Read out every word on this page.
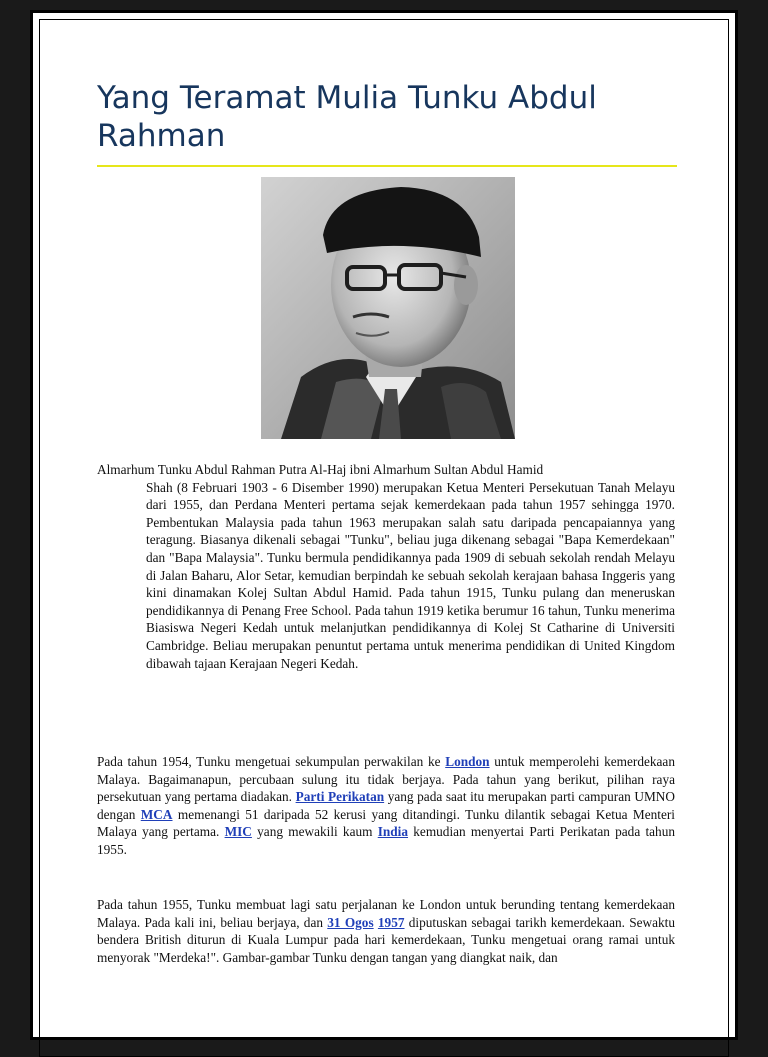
Yang Teramat Mulia Tunku Abdul Rahman

Almarhum Tunku Abdul Rahman Putra Al-Haj ibni Almarhum Sultan Abdul Hamid
Shah (8 Februari 1903 - 6 Disember 1990) merupakan Ketua Menteri Persekutuan Tanah Melayu dari 1955, dan Perdana Menteri pertama sejak kemerdekaan pada tahun 1957 sehingga 1970. Pembentukan Malaysia pada tahun 1963 merupakan salah satu daripada pencapaiannya yang teragung. Biasanya dikenali sebagai "Tunku", beliau juga dikenang sebagai "Bapa Kemerdekaan" dan "Bapa Malaysia". Tunku bermula pendidikannya pada 1909 di sebuah sekolah rendah Melayu di Jalan Baharu, Alor Setar, kemudian berpindah ke sebuah sekolah kerajaan bahasa Inggeris yang kini dinamakan Kolej Sultan Abdul Hamid. Pada tahun 1915, Tunku pulang dan meneruskan pendidikannya di Penang Free School. Pada tahun 1919 ketika berumur 16 tahun, Tunku menerima Biasiswa Negeri Kedah untuk melanjutkan pendidikannya di Kolej St Catharine di Universiti Cambridge. Beliau merupakan penuntut pertama untuk menerima pendidikan di United Kingdom dibawah tajaan Kerajaan Negeri Kedah.

Pada tahun 1954, Tunku mengetuai sekumpulan perwakilan ke London untuk memperolehi kemerdekaan Malaya. Bagaimanapun, percubaan sulung itu tidak berjaya. Pada tahun yang berikut, pilihan raya persekutuan yang pertama diadakan. Parti Perikatan yang pada saat itu merupakan parti campuran UMNO dengan MCA memenangi 51 daripada 52 kerusi yang ditandingi. Tunku dilantik sebagai Ketua Menteri Malaya yang pertama. MIC yang mewakili kaum India kemudian menyertai Parti Perikatan pada tahun 1955.

Pada tahun 1955, Tunku membuat lagi satu perjalanan ke London untuk berunding tentang kemerdekaan Malaya. Pada kali ini, beliau berjaya, dan 31 Ogos 1957 diputuskan sebagai tarikh kemerdekaan. Sewaktu bendera British diturun di Kuala Lumpur pada hari kemerdekaan, Tunku mengetuai orang ramai untuk menyorak "Merdeka!". Gambar-gambar Tunku dengan tangan yang diangkat naik, dan
